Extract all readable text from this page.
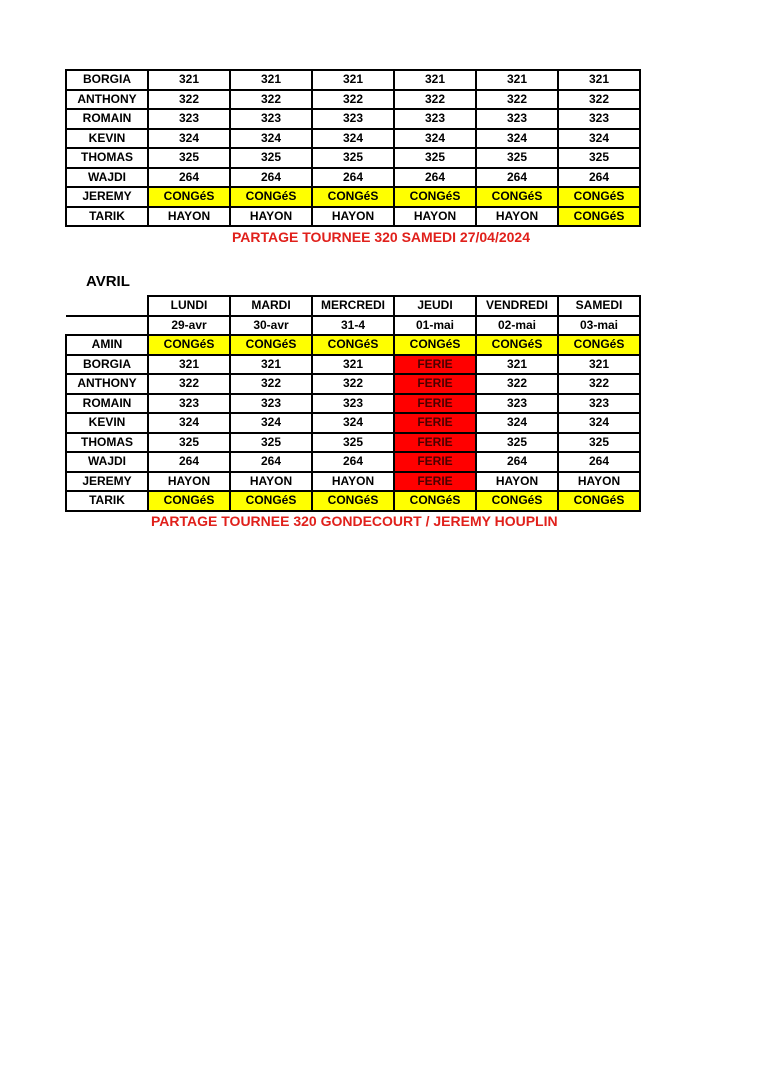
BORGIA	321	321	321	321	321	321
ANTHONY	322	322	322	322	322	322
ROMAIN	323	323	323	323	323	323
KEVIN	324	324	324	324	324	324
THOMAS	325	325	325	325	325	325
WAJDI	264	264	264	264	264	264
JEREMY	CONGéS	CONGéS	CONGéS	CONGéS	CONGéS	CONGéS
TARIK	HAYON	HAYON	HAYON	HAYON	HAYON	CONGéS
PARTAGE TOURNEE 320 SAMEDI 27/04/2024
AVRIL
	LUNDI	MARDI	MERCREDI	JEUDI	VENDREDI	SAMEDI
	29-avr	30-avr	31-4	01-mai	02-mai	03-mai
AMIN	CONGéS	CONGéS	CONGéS	CONGéS	CONGéS	CONGéS
BORGIA	321	321	321	FERIE	321	321
ANTHONY	322	322	322	FERIE	322	322
ROMAIN	323	323	323	FERIE	323	323
KEVIN	324	324	324	FERIE	324	324
THOMAS	325	325	325	FERIE	325	325
WAJDI	264	264	264	FERIE	264	264
JEREMY	HAYON	HAYON	HAYON	FERIE	HAYON	HAYON
TARIK	CONGéS	CONGéS	CONGéS	CONGéS	CONGéS	CONGéS
PARTAGE TOURNEE 320 GONDECOURT / JEREMY HOUPLIN
